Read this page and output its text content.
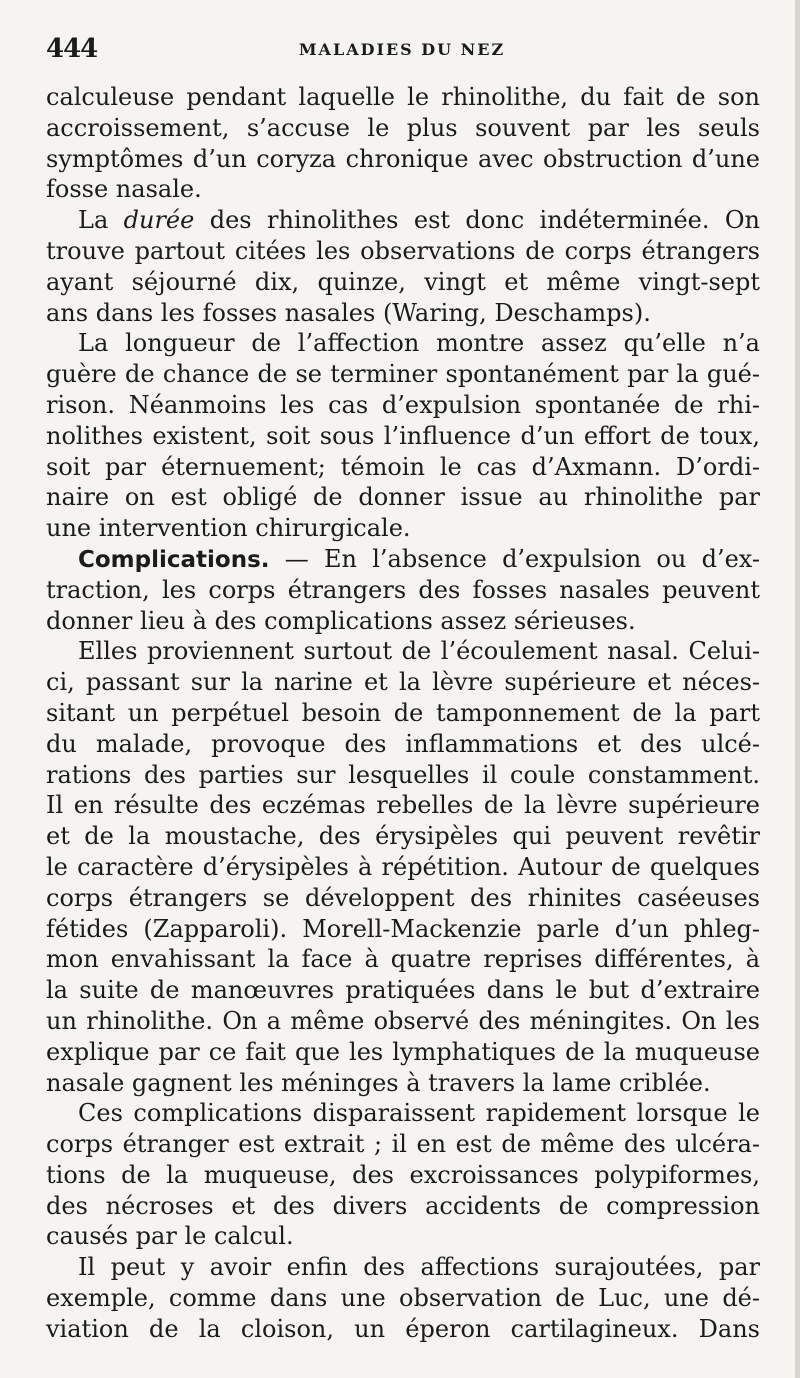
444	MALADIES DU NEZ
calculeuse pendant laquelle le rhinolithe, du fait de son
accroissement, s’accuse le plus souvent par les seuls
symptômes d’un coryza chronique avec obstruction d’une
fosse nasale.
La durée des rhinolithes est donc indéterminée. On
trouve partout citées les observations de corps étrangers
ayant séjourné dix, quinze, vingt et même vingt-sept
ans dans les fosses nasales (Waring, Deschamps).
La longueur de l’affection montre assez qu’elle n’a
guère de chance de se terminer spontanément par la gué-
rison. Néanmoins les cas d’expulsion spontanée de rhi-
nolithes existent, soit sous l’influence d’un effort de toux,
soit par éternuement; témoin le cas d’Axmann. D’ordi-
naire on est obligé de donner issue au rhinolithe par
une intervention chirurgicale.
Complications. — En l’absence d’expulsion ou d’ex-
traction, les corps étrangers des fosses nasales peuvent
donner lieu à des complications assez sérieuses.
Elles proviennent surtout de l’écoulement nasal. Celui-
ci, passant sur la narine et la lèvre supérieure et néces-
sitant un perpétuel besoin de tamponnement de la part
du malade, provoque des inflammations et des ulcé-
rations des parties sur lesquelles il coule constamment.
Il en résulte des eczémas rebelles de la lèvre supérieure
et de la moustache, des érysipèles qui peuvent revêtir
le caractère d’érysipèles à répétition. Autour de quelques
corps étrangers se développent des rhinites caséeuses
fétides (Zapparoli). Morell-Mackenzie parle d’un phleg-
mon envahissant la face à quatre reprises différentes, à
la suite de manœuvres pratiquées dans le but d’extraire
un rhinolithe. On a même observé des méningites. On les
explique par ce fait que les lymphatiques de la muqueuse
nasale gagnent les méninges à travers la lame criblée.
Ces complications disparaissent rapidement lorsque le
corps étranger est extrait ; il en est de même des ulcéra-
tions de la muqueuse, des excroissances polypiformes,
des nécroses et des divers accidents de compression
causés par le calcul.
Il peut y avoir enfin des affections surajoutées, par
exemple, comme dans une observation de Luc, une dé-
viation de la cloison, un éperon cartilagineux. Dans
